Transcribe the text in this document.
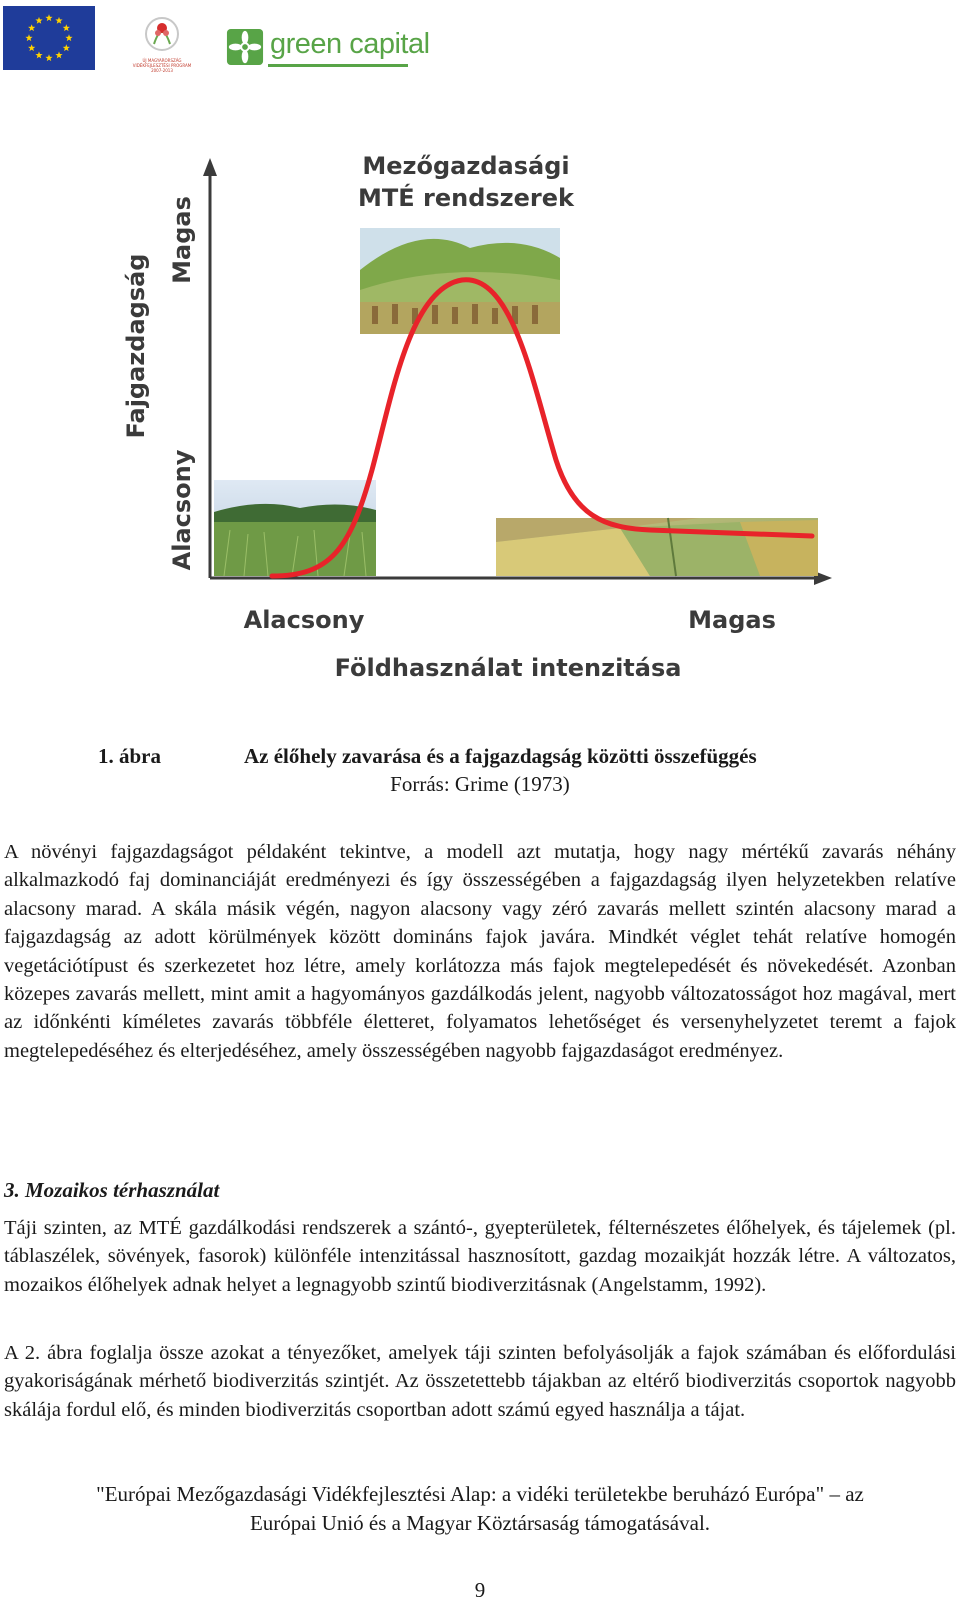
ÚJ MAGYARORSZÁG VIDÉKFEJLESZTÉSI PROGRAM 2007-2013
green capital
Mezőgazdasági
MTÉ rendszerek
Fajgazdagság
Magas
Alacsony
Alacsony	Magas
Földhasználat intenzitása
1. ábra	Az élőhely zavarása és a fajgazdagság közötti összefüggés
Forrás: Grime (1973)

A növényi fajgazdagságot példaként tekintve, a modell azt mutatja, hogy nagy mértékű zavarás néhány alkalmazkodó faj dominanciáját eredményezi és így összességében a fajgazdagság ilyen helyzetekben relatíve alacsony marad. A skála másik végén, nagyon alacsony vagy zéró zavarás mellett szintén alacsony marad a fajgazdagság az adott körülmények között domináns fajok javára. Mindkét véglet tehát relatíve homogén vegetációtípust és szerkezetet hoz létre, amely korlátozza más fajok megtelepedését és növekedését. Azonban közepes zavarás mellett, mint amit a hagyományos gazdálkodás jelent, nagyobb változatosságot hoz magával, mert az időnkénti kíméletes zavarás többféle életteret, folyamatos lehetőséget és versenyhelyzetet teremt a fajok megtelepedéséhez és elterjedéséhez, amely összességében nagyobb fajgazdaságot eredményez.

3. Mozaikos térhasználat

Táji szinten, az MTÉ gazdálkodási rendszerek a szántó-, gyepterületek, félternészetes élőhelyek, és tájelemek (pl. táblaszélek, sövények, fasorok) különféle intenzitással hasznosított, gazdag mozaikját hozzák létre. A változatos, mozaikos élőhelyek adnak helyet a legnagyobb szintű biodiverzitásnak (Angelstamm, 1992).

A 2. ábra foglalja össze azokat a tényezőket, amelyek táji szinten befolyásolják a fajok számában és előfordulási gyakoriságának mérhető biodiverzitás szintjét. Az összetettebb tájakban az eltérő biodiverzitás csoportok nagyobb skálája fordul elő, és minden biodiverzitás csoportban adott számú egyed használja a tájat.

"Európai Mezőgazdasági Vidékfejlesztési Alap: a vidéki területekbe beruházó Európa" – az
Európai Unió és a Magyar Köztársaság támogatásával.
9
